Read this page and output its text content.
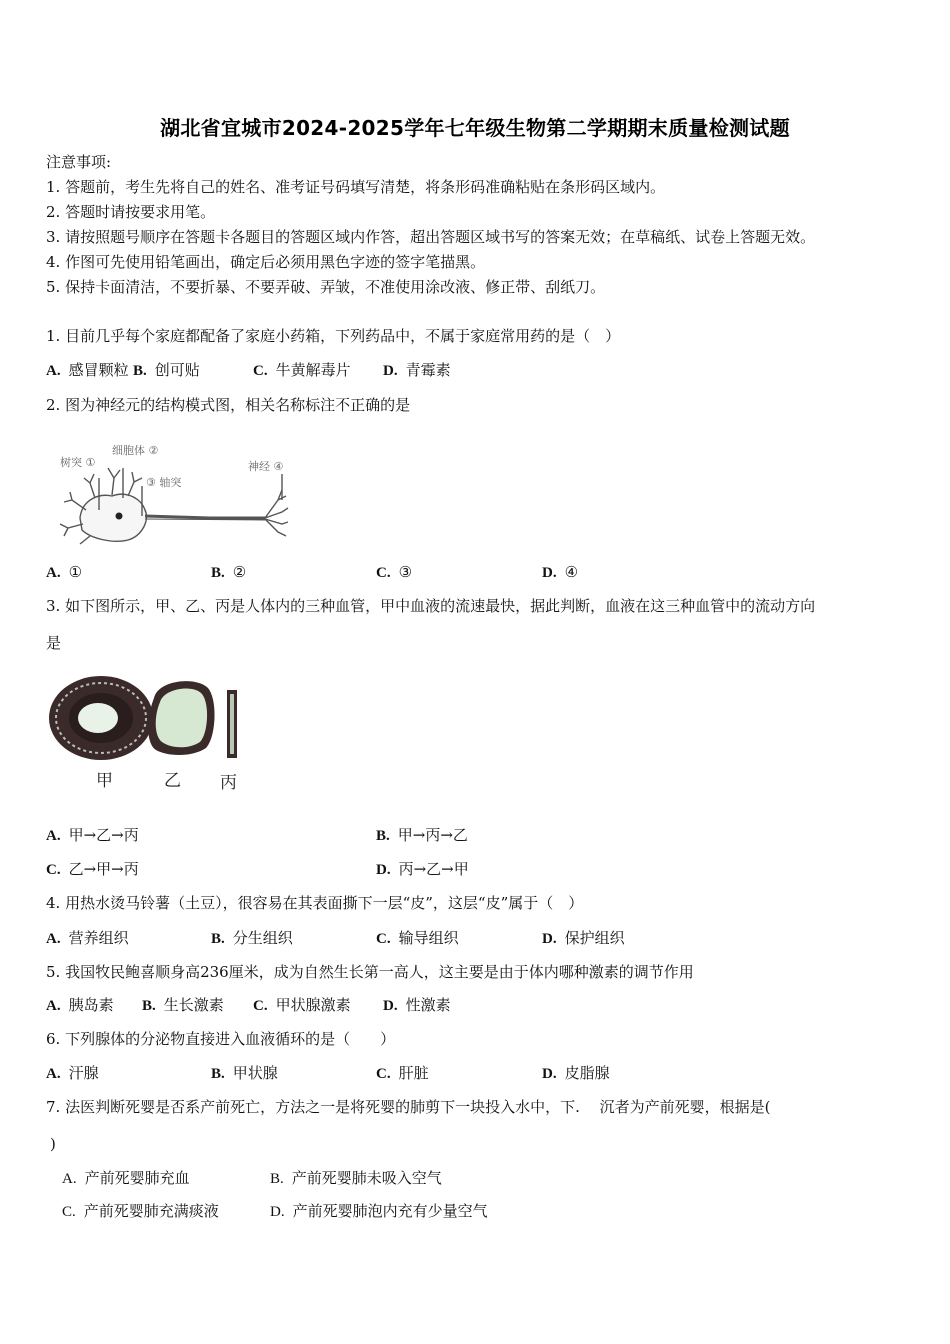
湖北省宜城市2024-2025学年七年级生物第二学期期末质量检测试题
注意事项:
1. 答题前，考生先将自己的姓名、准考证号码填写清楚，将条形码准确粘贴在条形码区域内。
2. 答题时请按要求用笔。
3. 请按照题号顺序在答题卡各题目的答题区域内作答，超出答题区域书写的答案无效；在草稿纸、试卷上答题无效。
4. 作图可先使用铅笔画出，确定后必须用黑色字迹的签字笔描黑。
5. 保持卡面清洁，不要折暴、不要弄破、弄皱，不准使用涂改液、修正带、刮纸刀。
1. 目前几乎每个家庭都配备了家庭小药箱，下列药品中，不属于家庭常用药的是（　）
A. 感冒颗粒 B. 创可贴	C. 牛黄解毒片 D. 青霉素
2. 图为神经元的结构模式图，相关名称标注不正确的是
树突 ①
细胞体 ②
③ 轴突
神经 ④
A. ①	B. ②	C. ③	D. ④
3. 如下图所示，甲、乙、丙是人体内的三种血管，甲中血液的流速最快，据此判断，血液在这三种血管中的流动方向
是
甲	乙 丙
A. 甲→乙→丙	B. 甲→丙→乙
C. 乙→甲→丙	D. 丙→乙→甲
4. 用热水烫马铃薯（土豆），很容易在其表面撕下一层“皮”，这层“皮”属于（　）
A. 营养组织	B. 分生组织	C. 输导组织	D. 保护组织
5. 我国牧民鲍喜顺身高236厘米，成为自然生长第一高人，这主要是由于体内哪种激素的调节作用
A. 胰岛素 B. 生长激素 C. 甲状腺激素 D. 性激素
6. 下列腺体的分泌物直接进入血液循环的是（　　）
A. 汗腺	B. 甲状腺	C. 肝脏	D. 皮脂腺
7. 法医判断死婴是否系产前死亡，方法之一是将死婴的肺剪下一块投入水中，下.　 沉者为产前死婴，根据是(
)
A. 产前死婴肺充血	B. 产前死婴肺未吸入空气
C. 产前死婴肺充满痰液	D. 产前死婴肺泡内充有少量空气
